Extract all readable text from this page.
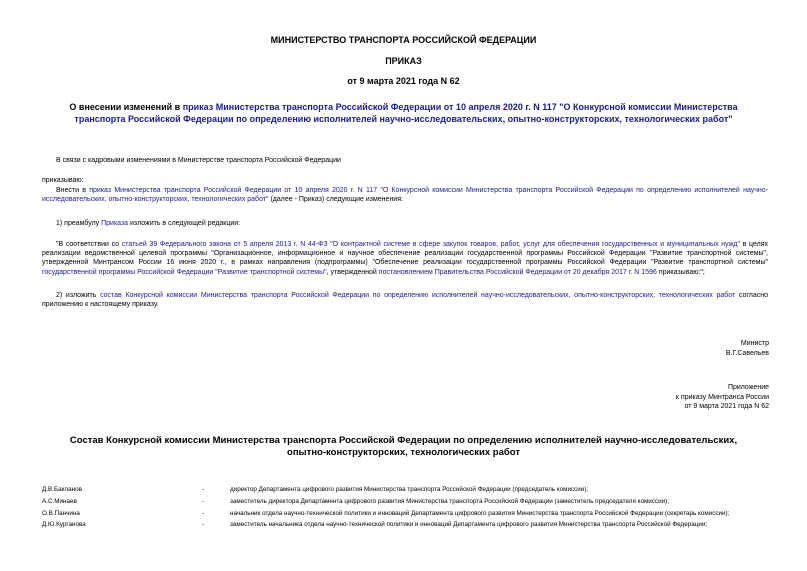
МИНИСТЕРСТВО ТРАНСПОРТА РОССИЙСКОЙ ФЕДЕРАЦИИ
ПРИКАЗ
от 9 марта 2021 года N 62
О внесении изменений в приказ Министерства транспорта Российской Федерации от 10 апреля 2020 г. N 117 "О Конкурсной комиссии Министерства транспорта Российской Федерации по определению исполнителей научно-исследовательских, опытно-конструкторских, технологических работ"
В связи с кадровыми изменениями в Министерстве транспорта Российской Федерации
приказываю:
Внести в приказ Министерства транспорта Российской Федерации от 10 апреля 2020 г. N 117 "О Конкурсной комиссии Министерства транспорта Российской Федерации по определению исполнителей научно-исследовательских, опытно-конструкторских, технологических работ" (далее - Приказ) следующие изменения:
1) преамбулу Приказа изложить в следующей редакции:
"В соответствии со статьей 39 Федерального закона от 5 апреля 2013 г. N 44-ФЗ "О контрактной системе в сфере закупок товаров, работ, услуг для обеспечения государственных и муниципальных нужд" в целях реализации ведомственной целевой программы "Организационное, информационное и научное обеспечение реализации государственной программы Российской Федерации "Развитие транспортной системы", утвержденной Минтрансом России 16 июня 2020 г., в рамках направления (подпрограммы) "Обеспечение реализации государственной программы Российской Федерации "Развитие транспортной системы" государственной программы Российской Федерации "Развитие транспортной системы", утвержденной постановлением Правительства Российской Федерации от 20 декабря 2017 г. N 1596 приказываю:";
2) изложить состав Конкурсной комиссии Министерства транспорта Российской Федерации по определению исполнителей научно-исследовательских, опытно-конструкторских, технологических работ согласно приложению к настоящему приказу.
Министр
В.Г.Савельев
Приложение
к приказу Минтранса России
от 9 марта 2021 года N 62
Состав Конкурсной комиссии Министерства транспорта Российской Федерации по определению исполнителей научно-исследовательских, опытно-конструкторских, технологических работ
Д.В.Бакланов	-	директор Департамента цифрового развития Министерства транспорта Российской Федерации (председатель комиссии);
А.С.Минаев	-	заместитель директора Департамента цифрового развития Министерства транспорта Российской Федерации (заместитель председателя комиссии);
О.В.Панчина	-	начальник отдела научно-технической политики и инноваций Департамента цифрового развития Министерства транспорта Российской Федерации (секретарь комиссии);
Д.Ю.Курганова	-	заместитель начальника отдела научно-технической политики и инноваций Департамента цифрового развития Министерства транспорта Российской Федерации;
